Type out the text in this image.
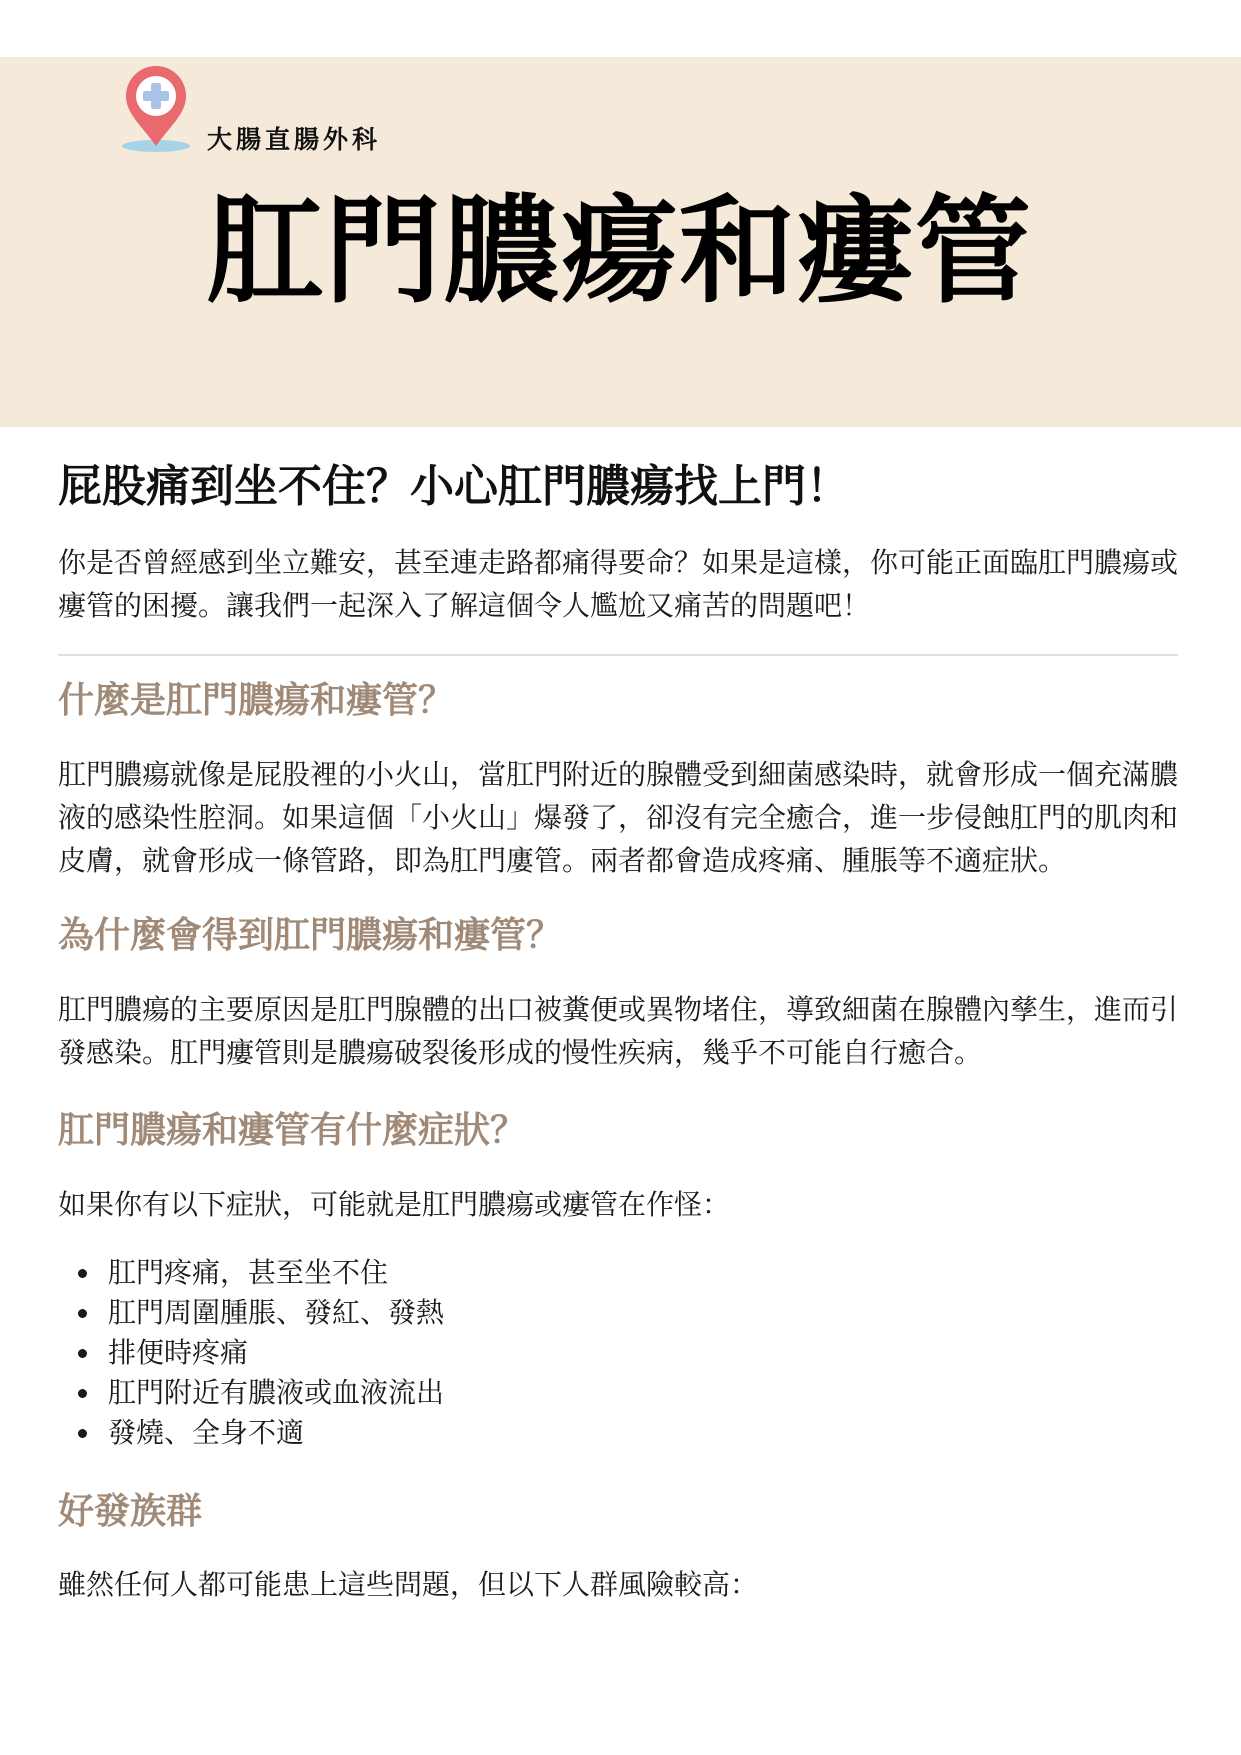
大腸直腸外科
肛門膿瘍和瘻管
屁股痛到坐不住？小心肛門膿瘍找上門！

你是否曾經感到坐立難安，甚至連走路都痛得要命？如果是這樣，你可能正面臨肛門膿瘍或瘻管的困擾。讓我們一起深入了解這個令人尷尬又痛苦的問題吧！

什麼是肛門膿瘍和瘻管？

肛門膿瘍就像是屁股裡的小火山，當肛門附近的腺體受到細菌感染時，就會形成一個充滿膿液的感染性腔洞。如果這個「小火山」爆發了，卻沒有完全癒合，進一步侵蝕肛門的肌肉和皮膚，就會形成一條管路，即為肛門廔管。兩者都會造成疼痛、腫脹等不適症狀。

為什麼會得到肛門膿瘍和瘻管？

肛門膿瘍的主要原因是肛門腺體的出口被糞便或異物堵住，導致細菌在腺體內孳生，進而引發感染。肛門瘻管則是膿瘍破裂後形成的慢性疾病，幾乎不可能自行癒合。

肛門膿瘍和瘻管有什麼症狀？

如果你有以下症狀，可能就是肛門膿瘍或瘻管在作怪：

肛門疼痛，甚至坐不住
肛門周圍腫脹、發紅、發熱
排便時疼痛
肛門附近有膿液或血液流出
發燒、全身不適
好發族群

雖然任何人都可能患上這些問題，但以下人群風險較高：
